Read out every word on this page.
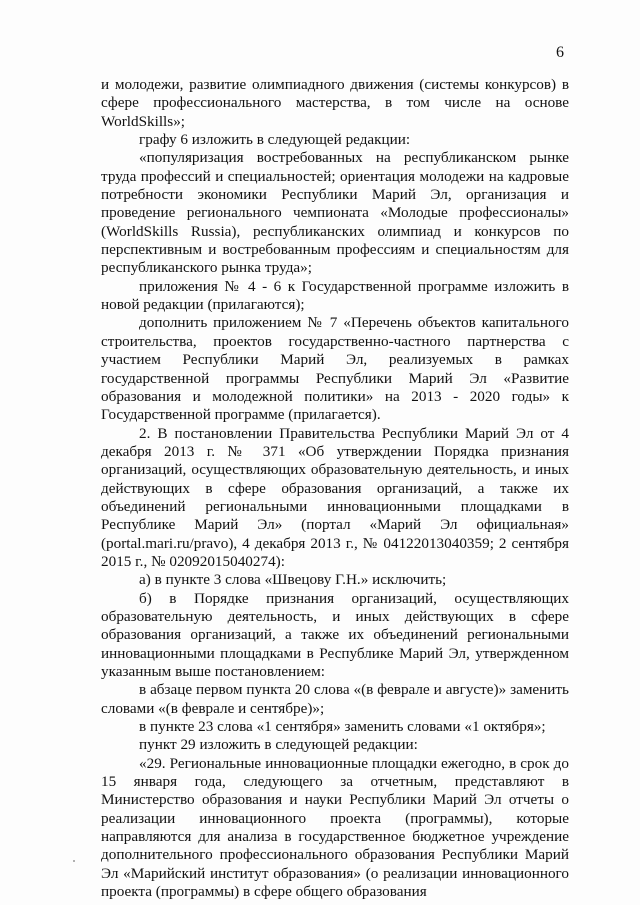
6

и молодежи, развитие олимпиадного движения (системы конкурсов) в сфере профессионального мастерства, в том числе на основе WorldSkills»;

графу 6 изложить в следующей редакции:

«популяризация востребованных на республиканском рынке труда профессий и специальностей; ориентация молодежи на кадровые потребности экономики Республики Марий Эл, организация и проведение регионального чемпионата «Молодые профессионалы» (WorldSkills Russia), республиканских олимпиад и конкурсов по перспективным и востребованным профессиям и специальностям для республиканского рынка труда»;

приложения № 4 - 6 к Государственной программе изложить в новой редакции (прилагаются);

дополнить приложением № 7 «Перечень объектов капитального строительства, проектов государственно-частного партнерства с участием Республики Марий Эл, реализуемых в рамках государственной программы Республики Марий Эл «Развитие образования и молодежной политики» на 2013 - 2020 годы» к Государственной программе (прилагается).

2. В постановлении Правительства Республики Марий Эл от 4 декабря 2013 г. № 371 «Об утверждении Порядка признания организаций, осуществляющих образовательную деятельность, и иных действующих в сфере образования организаций, а также их объединений региональными инновационными площадками в Республике Марий Эл» (портал «Марий Эл официальная» (portal.mari.ru/pravo), 4 декабря 2013 г., № 04122013040359; 2 сентября 2015 г., № 02092015040274):

а) в пункте 3 слова «Швецову Г.Н.» исключить;

б) в Порядке признания организаций, осуществляющих образовательную деятельность, и иных действующих в сфере образования организаций, а также их объединений региональными инновационными площадками в Республике Марий Эл, утвержденном указанным выше постановлением:

в абзаце первом пункта 20 слова «(в феврале и августе)» заменить словами «(в феврале и сентябре)»;

в пункте 23 слова «1 сентября» заменить словами «1 октября»;

пункт 29 изложить в следующей редакции:

«29. Региональные инновационные площадки ежегодно, в срок до 15 января года, следующего за отчетным, представляют в Министерство образования и науки Республики Марий Эл отчеты о реализации инновационного проекта (программы), которые направляются для анализа в государственное бюджетное учреждение дополнительного профессионального образования Республики Марий Эл «Марийский институт образования» (о реализации инновационного проекта (программы) в сфере общего образования
